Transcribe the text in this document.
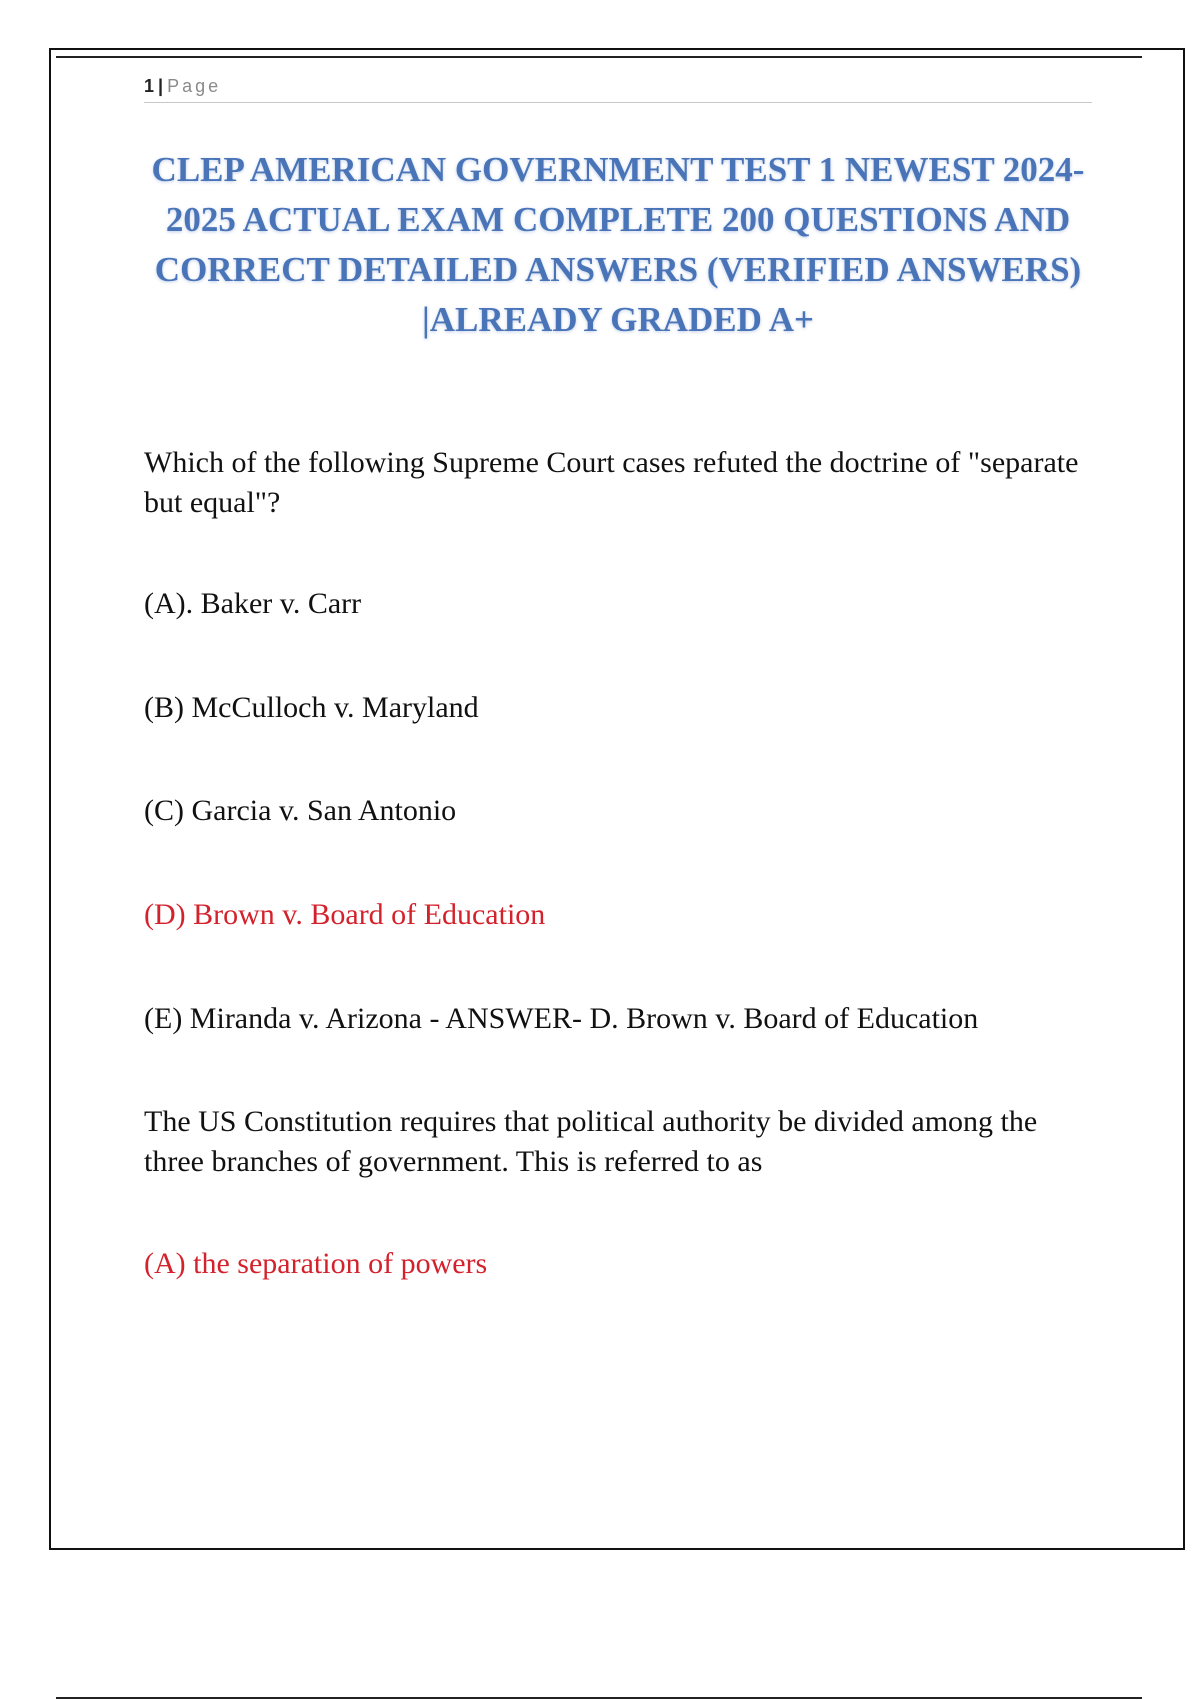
1 | Page
CLEP AMERICAN GOVERNMENT TEST 1 NEWEST 2024-2025 ACTUAL EXAM COMPLETE 200 QUESTIONS AND CORRECT DETAILED ANSWERS (VERIFIED ANSWERS) |ALREADY GRADED A+
Which of the following Supreme Court cases refuted the doctrine of "separate but equal"?
(A). Baker v. Carr
(B) McCulloch v. Maryland
(C) Garcia v. San Antonio
(D) Brown v. Board of Education
(E) Miranda v. Arizona - ANSWER- D. Brown v. Board of Education
The US Constitution requires that political authority be divided among the three branches of government. This is referred to as
(A) the separation of powers
